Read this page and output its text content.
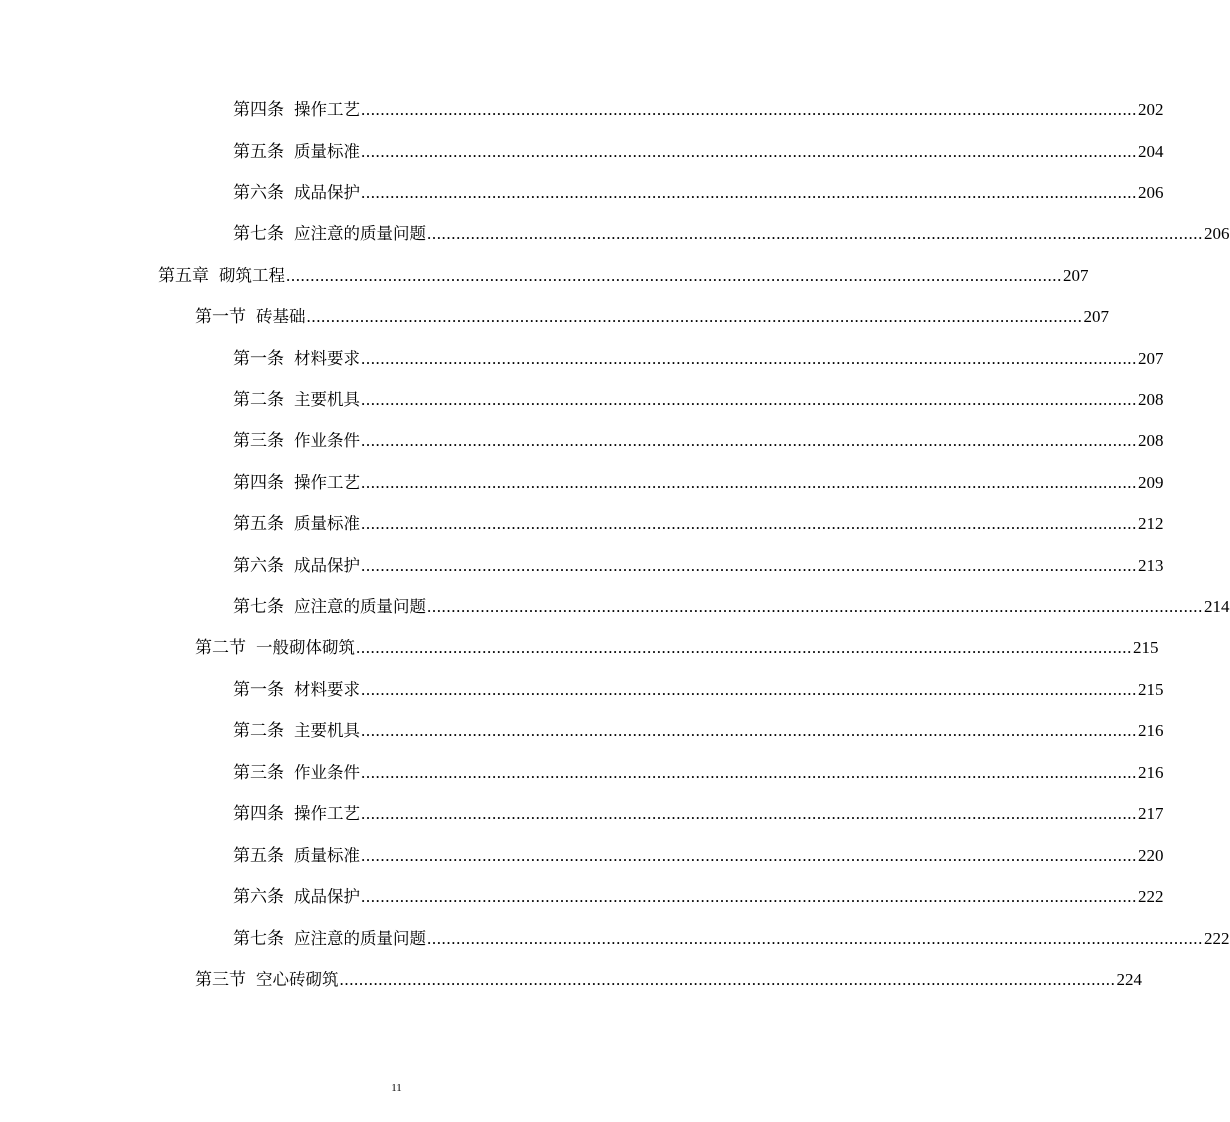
第四条 操作工艺 ................................................................................................................................................................ 202
第五条 质量标准 ................................................................................................................................................................ 204
第六条 成品保护 ................................................................................................................................................................ 206
第七条 应注意的质量问题 ................................................................................................................................................................ 206
第五章 砌筑工程 ................................................................................................................................................................ 207
第一节 砖基础 ................................................................................................................................................................ 207
第一条 材料要求 ................................................................................................................................................................ 207
第二条 主要机具 ................................................................................................................................................................ 208
第三条 作业条件 ................................................................................................................................................................ 208
第四条 操作工艺 ................................................................................................................................................................ 209
第五条 质量标准 ................................................................................................................................................................ 212
第六条 成品保护 ................................................................................................................................................................ 213
第七条 应注意的质量问题 ................................................................................................................................................................ 214
第二节 一般砌体砌筑 ................................................................................................................................................................ 215
第一条 材料要求 ................................................................................................................................................................ 215
第二条 主要机具 ................................................................................................................................................................ 216
第三条 作业条件 ................................................................................................................................................................ 216
第四条 操作工艺 ................................................................................................................................................................ 217
第五条 质量标准 ................................................................................................................................................................ 220
第六条 成品保护 ................................................................................................................................................................ 222
第七条 应注意的质量问题 ................................................................................................................................................................ 222
第三节 空心砖砌筑 ................................................................................................................................................................ 224
11
